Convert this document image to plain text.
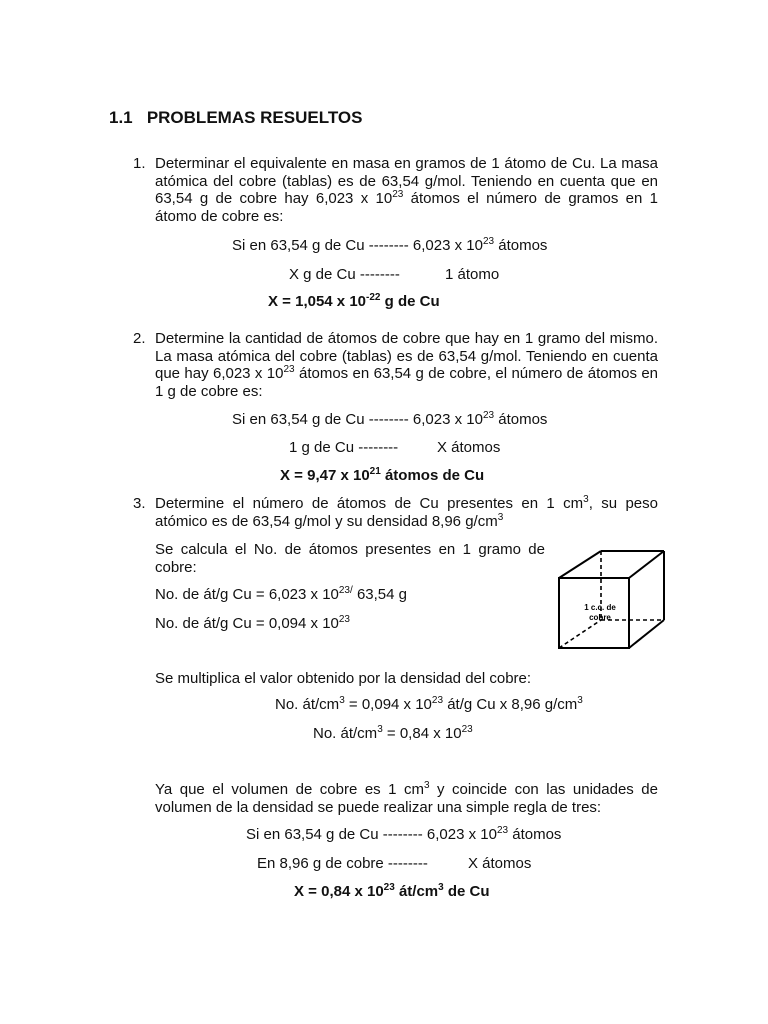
1.1 PROBLEMAS RESUELTOS
1. Determinar el equivalente en masa en gramos de 1 átomo de Cu. La masa atómica del cobre (tablas) es de 63,54 g/mol. Teniendo en cuenta que en 63,54 g de cobre hay 6,023 x $10^{23}$ átomos el número de gramos en 1 átomo de cobre es:

Si en 63,54 g de Cu -------- 6,023 x $10^{23}$ átomos
X g de Cu --------	1 átomo
X = 1,054 x $10^{-22}$ g de Cu
2. Determine la cantidad de átomos de cobre que hay en 1 gramo del mismo. La masa atómica del cobre (tablas) es de 63,54 g/mol. Teniendo en cuenta que hay 6,023 x $10^{23}$ átomos en 63,54 g de cobre, el número de átomos en 1 g de cobre es:

Si en 63,54 g de Cu -------- 6,023 x $10^{23}$ átomos
1 g de Cu --------	X átomos
X = 9,47 x $10^{21}$ átomos de Cu
3. Determine el número de átomos de Cu presentes en 1 $cm^3$, su peso atómico es de 63,54 g/mol y su densidad 8,96 $g/cm^3$

Se calcula el No. de átomos presentes en 1 gramo de cobre:

No. de át/g Cu = 6,023 x $10^{23/}$ 63,54 g
No. de át/g Cu = 0,094 x $10^{23}$
1 c.c. de
cobre

Se multiplica el valor obtenido por la densidad del cobre:

No. $át/cm^3 = 0,094$ x $10^{23}$ át/g Cu x 8,96 $g/cm^3$
No. $át/cm^3 = 0,84$ x $10^{23}$

Ya que el volumen de cobre es 1 $cm^3$ y coincide con las unidades de volumen de la densidad se puede realizar una simple regla de tres:

Si en 63,54 g de Cu -------- 6,023 x $10^{23}$ átomos
En 8,96 g de cobre --------	X átomos
X = 0,84 x $10^{23}$ $át/cm^3$ de Cu
